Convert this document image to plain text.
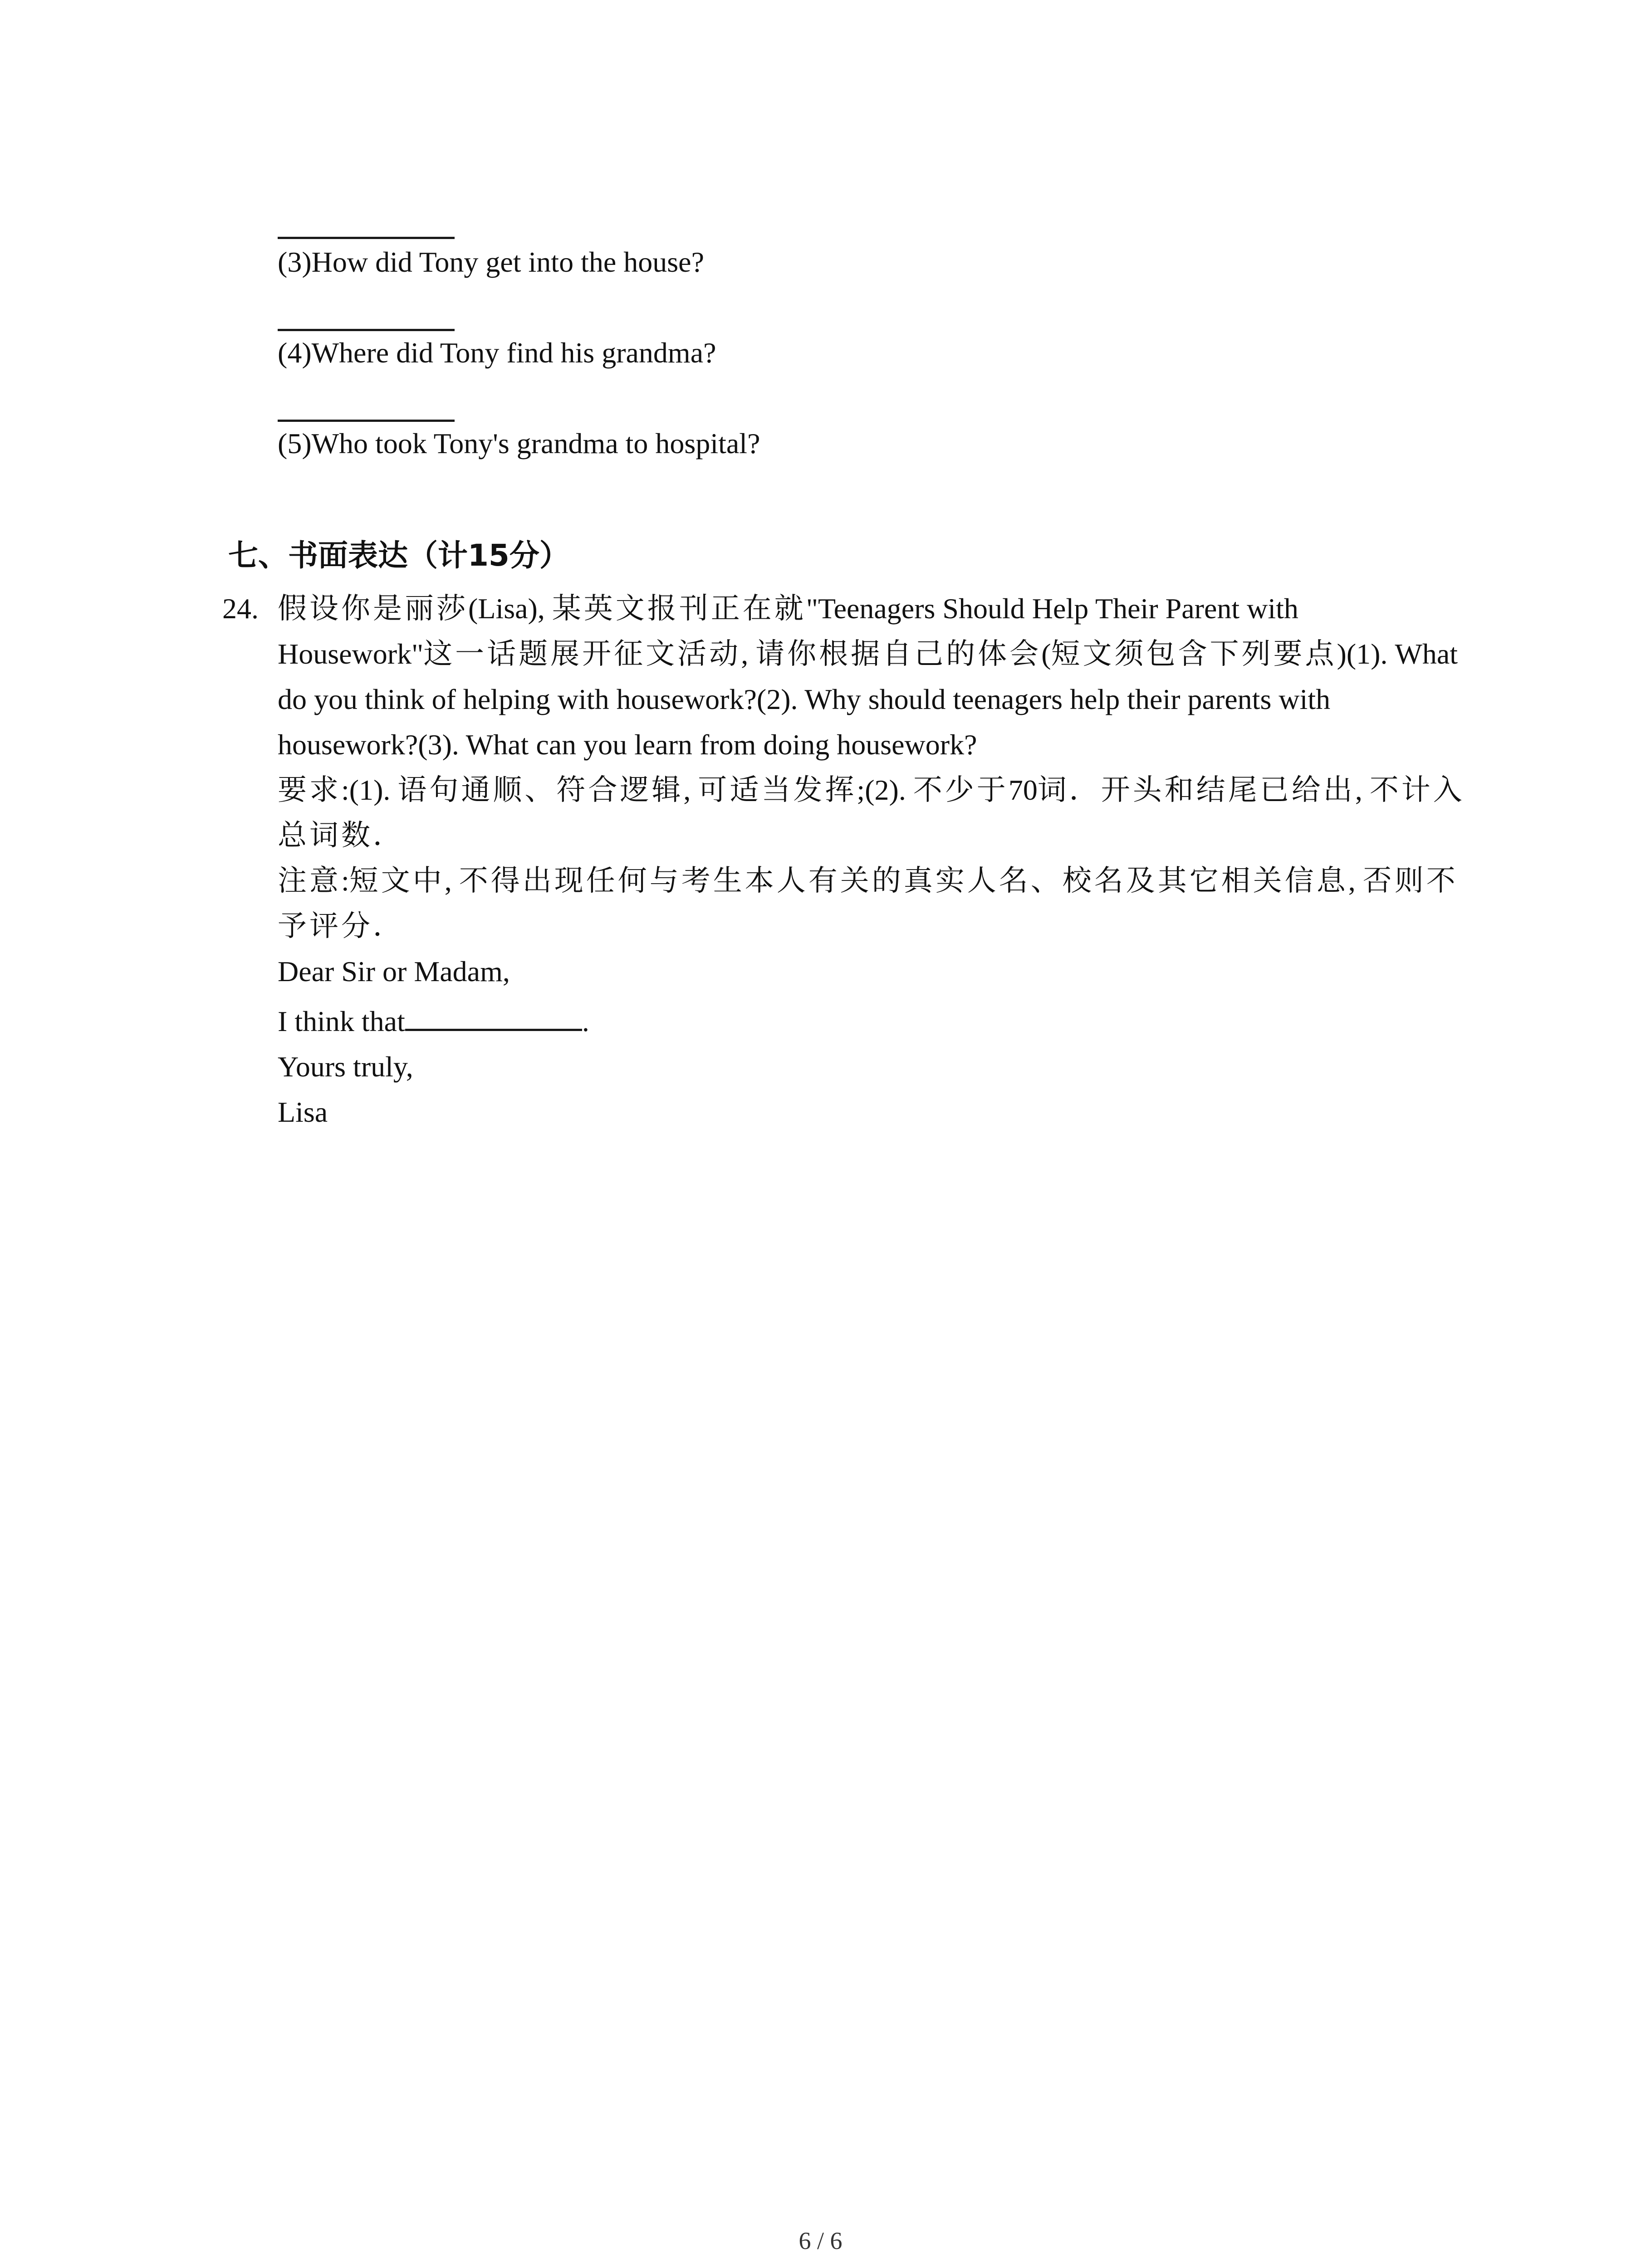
(3)How did Tony get into the house?
(4)Where did Tony find his grandma?
(5)Who took Tony's grandma to hospital?
七、书面表达（计15分）
24. 假设你是丽莎(Lisa), 某英文报刊正在就"Teenagers Should Help Their Parent with
Housework"这一话题展开征文活动, 请你根据自己的体会(短文须包含下列要点)(1). What
do you think of helping with housework?(2). Why should teenagers help their parents with
housework?(3). What can you learn from doing housework?
要求:(1). 语句通顺、符合逻辑, 可适当发挥;(2). 不少于70词．开头和结尾已给出, 不计入
总词数．
注意:短文中, 不得出现任何与考生本人有关的真实人名、校名及其它相关信息, 否则不
予评分．
Dear Sir or Madam,
I think that	.
Yours truly,
Lisa
6 / 6
